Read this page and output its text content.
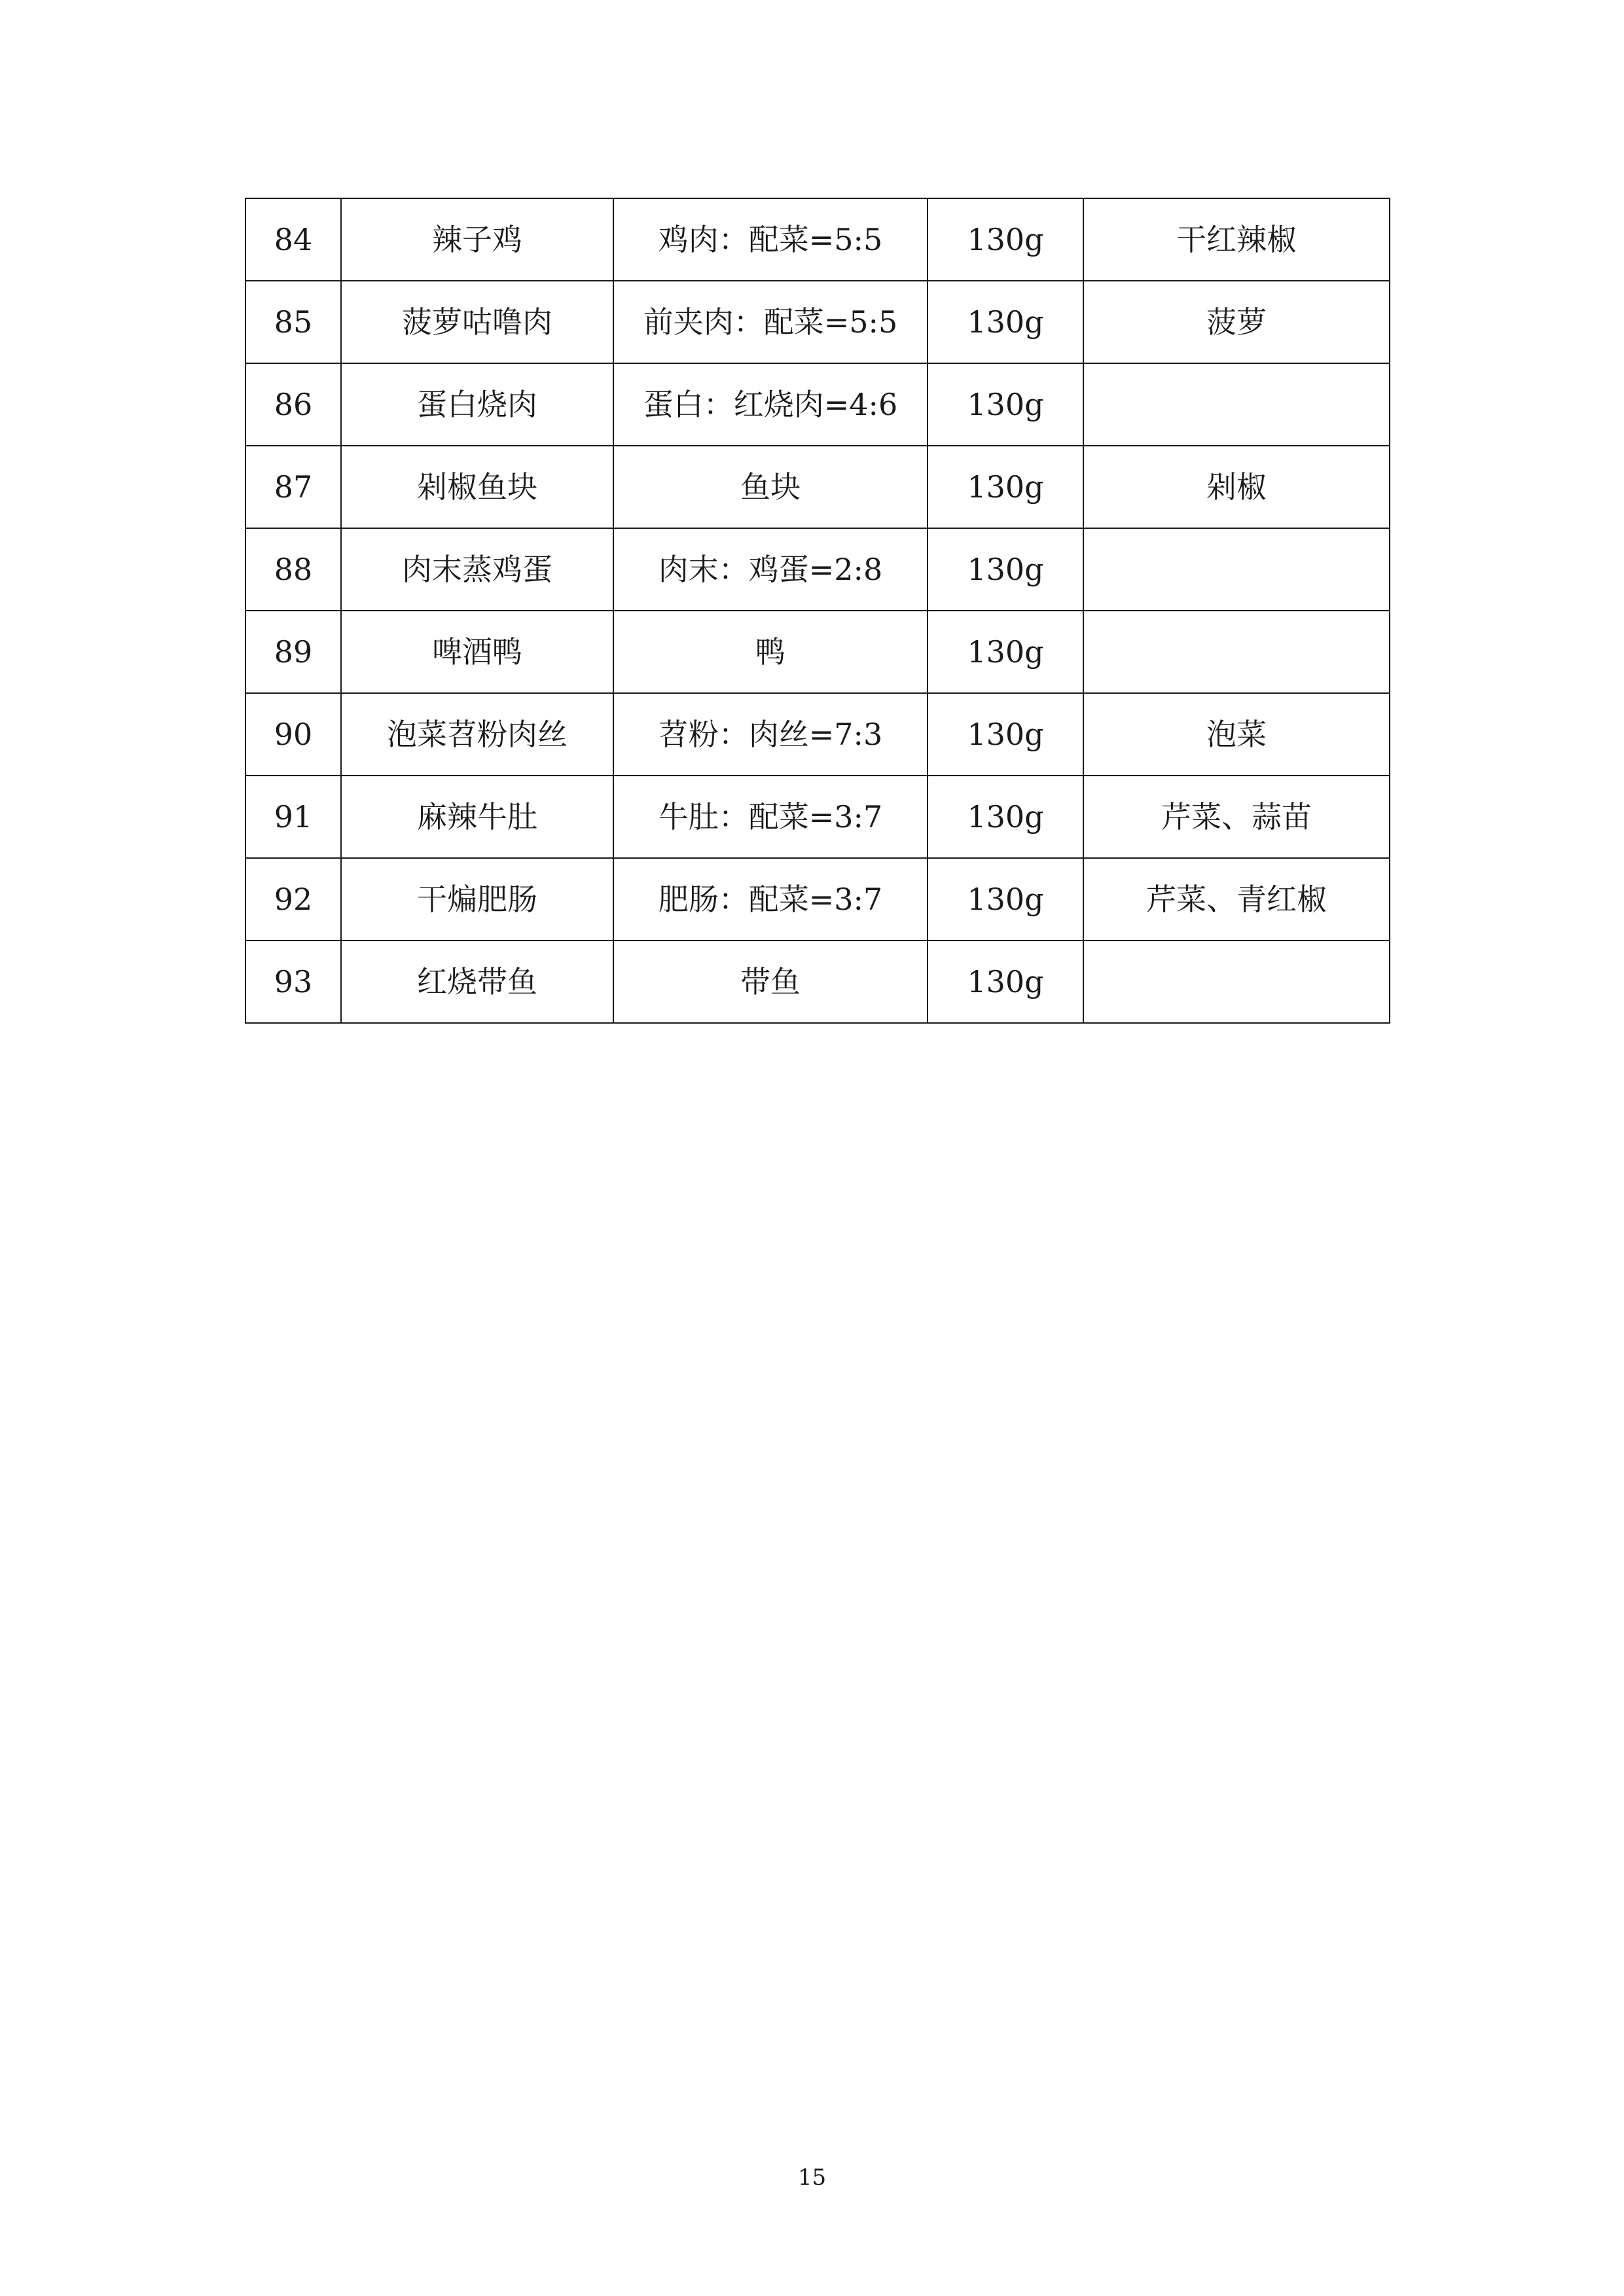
84	辣子鸡	鸡肉：配菜=5:5	130g	干红辣椒
85	菠萝咕噜肉	前夹肉：配菜=5:5	130g	菠萝
86	蛋白烧肉	蛋白：红烧肉=4:6	130g	
87	剁椒鱼块	鱼块	130g	剁椒
88	肉末蒸鸡蛋	肉末：鸡蛋=2:8	130g	
89	啤酒鸭	鸭	130g	
90	泡菜苕粉肉丝	苕粉：肉丝=7:3	130g	泡菜
91	麻辣牛肚	牛肚：配菜=3:7	130g	芹菜、蒜苗
92	干煸肥肠	肥肠：配菜=3:7	130g	芹菜、青红椒
93	红烧带鱼	带鱼	130g	
15
